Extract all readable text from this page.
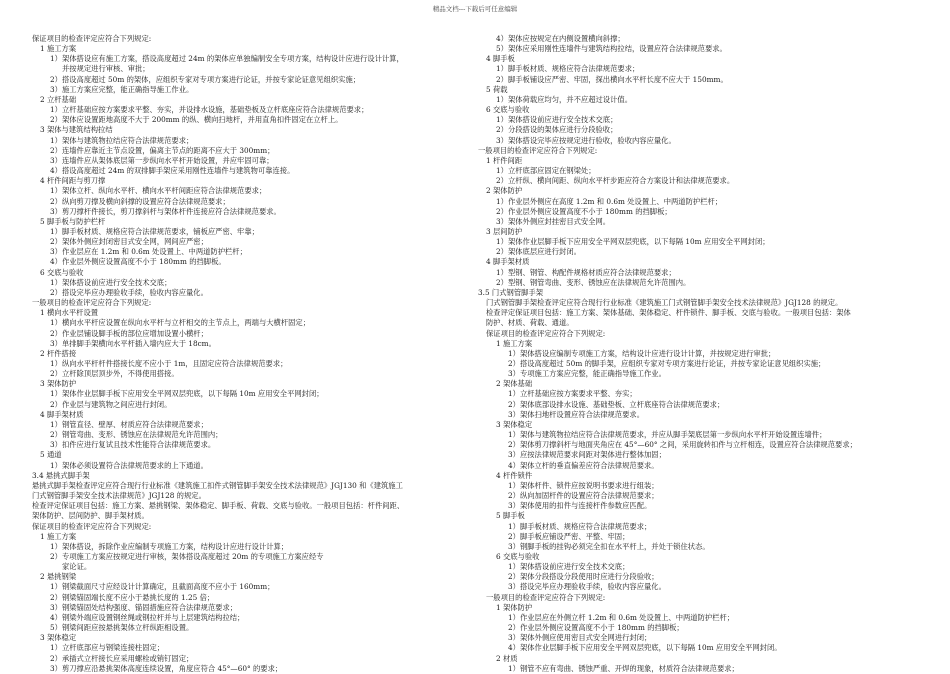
精品文档---下载后可任意编辑
保证项目的检查评定应符合下列规定:
1 施工方案
1）架体搭设应有施工方案，搭设高度超过 24m 的架体应单独编制安全专项方案，结构设计应进行设计计算，
并按规定进行审核、审批；
2）搭设高度超过 50m 的架体，应组织专家对专项方案进行论证，并按专家论证意见组织实施；
3）施工方案应完整，能正确指导施工作业。
2 立杆基础
1）立杆基础应按方案要求平整、夯实，并设排水设施，基础垫板及立杆底座应符合法律规范要求；
2）架体应设置距地高度不大于 200mm 的纵、横向扫地杆，并用直角扣件固定在立杆上。
3 架体与建筑结构拉结
1）架体与建筑物拉结应符合法律规范要求；
2）连墙件应靠近主节点设置，偏离主节点的距离不应大于 300mm；
3）连墙件应从架体底层第一步纵向水平杆开始设置，并应牢固可靠；
4）搭设高度超过 24m 的双排脚手架应采用刚性连墙件与建筑物可靠连接。
4 杆件间距与剪刀撑
1）架体立杆、纵向水平杆、横向水平杆间距应符合法律规范要求；
2）纵向剪刀撑及横向斜撑的设置应符合法律规范要求；
3）剪刀撑杆件接长，剪刀撑斜杆与架体杆件连接应符合法律规范要求。
5 脚手板与防护栏杆
1）脚手板材质、规格应符合法律规范要求，铺板应严密、牢靠；
2）架体外侧应封闭密目式安全网，网间应严密；
3）作业层应在 1.2m 和 0.6m 处设置上、中两道防护栏杆；
4）作业层外侧应设置高度不小于 180mm 的挡脚板。
6 交底与验收
1）架体搭设前应进行安全技术交底；
2）搭设完毕应办理验收手续，验收内容应量化。
一般项目的检查评定应符合下列规定:
1 横向水平杆设置
1）横向水平杆应设置在纵向水平杆与立杆相交的主节点上，两端与大横杆固定；
2）作业层铺设脚手板的部位应增加设置小横杆；
3）单排脚手架横向水平杆插入墙内应大于 18cm。
2 杆件搭接
1）纵向水平杆杆件搭接长度不应小于 1m，且固定应符合法律规范要求；
2）立杆除顶层顶步外，不得使用搭接。
3 架体防护
1）架体作业层脚手板下应用安全平网双层兜底，以下每隔 10m 应用安全平网封闭；
2）作业层与建筑物之间应进行封闭。
4 脚手架材质
1）钢管直径、壁厚、材质应符合法律规范要求；
2）钢管弯曲、变形、锈蚀应在法律规范允许范围内；
3）扣件应进行复试且技术性能符合法律规范要求。
5 通道
1）架体必须设置符合法律规范要求的上下通道。
3.4 悬挑式脚手架
悬挑式脚手架检查评定应符合现行行业标准《建筑施工扣件式钢管脚手架安全技术法律规范》JGJ130 和《建筑施工
门式钢管脚手架安全技术法律规范》JGJ128 的规定。
检查评定保证项目包括：施工方案、悬挑钢梁、架体稳定、脚手板、荷载、交底与验收。一般项目包括：杆件间距、
架体防护、层间防护、脚手架材质。
保证项目的检查评定应符合下列规定:
1 施工方案
1）架体搭设，拆除作业应编制专项施工方案，结构设计应进行设计计算；
2）专项施工方案应按规定进行审核，架体搭设高度超过 20m 的专项施工方案应经专
家论证。
2 悬挑钢梁
1）钢梁截面尺寸应经设计计算确定，且截面高度不应小于 160mm；
2）钢梁锚固端长度不应小于悬挑长度的 1.25 倍；
3）钢梁锚固处结构强度、锚固措施应符合法律规范要求；
4）钢梁外端应设置钢丝绳或钢拉杆并与上层建筑结构拉结；
5）钢梁间距应按悬挑架体立杆纵距相设置。
3 架体稳定
1）立杆底部应与钢梁连接柱固定；
2）承插式立杆接长应采用螺栓或销钉固定；
3）剪刀撑应沿悬挑架体高度连续设置，角度应符合 45°—60° 的要求；
4）架体应按规定在内侧设置横向斜撑；
5）架体应采用刚性连墙件与建筑结构拉结，设置应符合法律规范要求。
4 脚手板
1）脚手板材质、规格应符合法律规范要求；
2）脚手板铺设应严密、牢固，探出横向水平杆长度不应大于 150mm。
5 荷载
1）架体荷载应均匀，并不应超过设计值。
6 交底与验收
1）架体搭设前应进行安全技术交底；
2）分段搭设的架体应进行分段验收；
3）架体搭设完毕应按规定进行验收，验收内容应量化。
一般项目的检查评定应符合下列规定:
1 杆件间距
1）立杆底部应固定在钢梁处；
2）立杆纵、横向间距、纵向水平杆步距应符合方案设计和法律规范要求。
2 架体防护
1）作业层外侧应在高度 1.2m 和 0.6m 处设置上、中两道防护栏杆；
2）作业层外侧应设置高度不小于 180mm 的挡脚板；
3）架体外侧应封挂密目式安全网。
3 层间防护
1）架体作业层脚手板下应用安全平网双层兜底，以下每隔 10m 应用安全平网封闭；
2）架体底层应进行封闭。
4 脚手架材质
1）型钢、钢管、构配件规格材质应符合法律规范要求；
2）型钢、钢管弯曲、变形、锈蚀应在法律规范允许范围内。
3.5 门式钢管脚手架
门式钢管脚手架检查评定应符合现行行业标准《建筑施工门式钢管脚手架安全技术法律规范》JGJ128 的规定。
检查评定保证项目包括：施工方案、架体基础、架体稳定、杆件锁件、脚手板、交底与验收。一般项目包括：架体
防护、材质、荷载、通道。
保证项目的检查评定应符合下列规定:
1 施工方案
1）架体搭设应编制专项施工方案，结构设计应进行设计计算，并按规定进行审批；
2）搭设高度超过 50m 的脚手架，应组织专家对专项方案进行论证，并按专家论证意见组织实施；
3）专项施工方案应完整，能正确指导施工作业。
2 架体基础
1）立杆基础应按方案要求平整、夯实；
2）架体底部设排水设施、基础垫板、立杆底座符合法律规范要求；
3）架体扫地杆设置应符合法律规范要求。
3 架体稳定
1）架体与建筑物拉结应符合法律规范要求，并应从脚手架底层第一步纵向水平杆开始设置连墙件；
2）架体剪刀撑斜杆与地面夹角应在 45°—60° 之间，采用旋转扣件与立杆相连，设置应符合法律规范要求；
3）应按法律规范要求间距对架体进行整体加固；
4）架体立杆的垂直偏差应符合法律规范要求。
4 杆件锁件
1）架体杆件、锁件应按说明书要求进行组装；
2）纵向加固杆件的设置应符合法律规范要求；
3）架体使用的扣件与连接杆件参数应匹配。
5 脚手板
1）脚手板材质、规格应符合法律规范要求；
2）脚手板应铺设严密、平整、牢固；
3）钢脚手板的挂钩必须完全扣在水平杆上，并处于锁住状态。
6 交底与验收
1）架体搭设前应进行安全技术交底；
2）架体分段搭设分段使用时应进行分段验收；
3）搭设完毕应办理验收手续，验收内容应量化。
一般项目的检查评定应符合下列规定:
1 架体防护
1）作业层应在外侧立杆 1.2m 和 0.6m 处设置上、中两道防护栏杆；
2）作业层外侧应设置高度不小于 180mm 的挡脚板；
3）架体外侧应使用密目式安全网进行封闭；
4）架体作业层脚手板下应用安全平网双层兜底，以下每隔 10m 应用安全平网封闭。
2 材质
1）钢管不应有弯曲、锈蚀严重、开焊的现象，材质符合法律规范要求；
